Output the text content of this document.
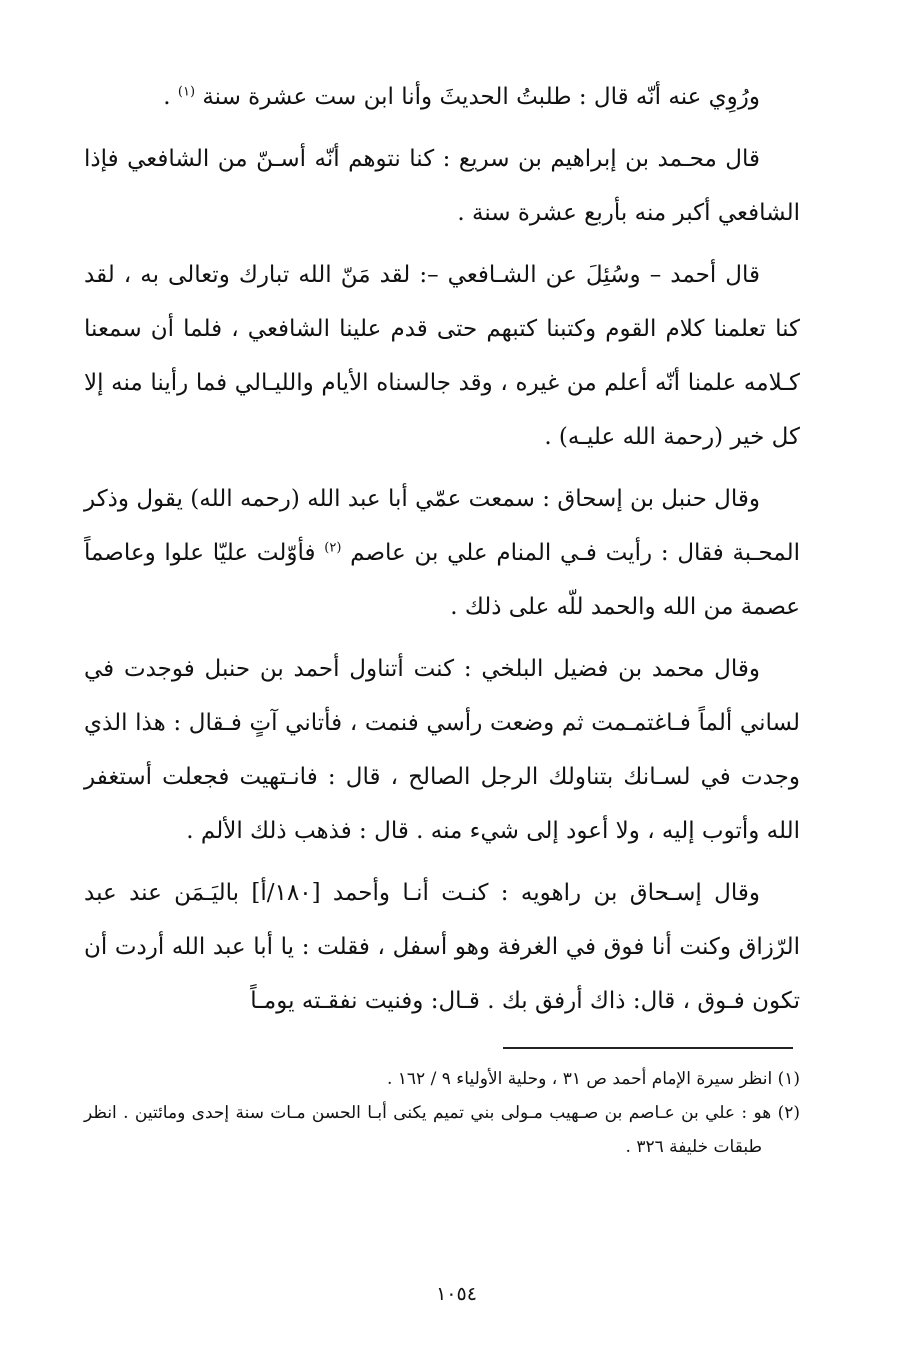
ورُوِي عنه أنّه قال : طلبتُ الحديثَ وأنا ابن ست عشرة سنة $^{(١)}$ .

قال محـمد بن إبراهيم بن سريع : كنا نتوهم أنّه أسـنّ من الشافعي فإذا الشافعي أكبر منه بأربع عشرة سنة .

قال أحمد – وسُئِلَ عن الشـافعي –: لقد مَنّ الله تبارك وتعالى به ، لقد كنا تعلمنا كلام القوم وكتبنا كتبهم حتى قدم علينا الشافعي ، فلما أن سمعنا كـلامه علمنا أنّه أعلم من غيره ، وقد جالسناه الأيام والليـالي فما رأينا منه إلا كل خير (رحمة الله عليـه) .

وقال حنبل بن إسحاق : سمعت عمّي أبا عبد الله (رحمه الله) يقول وذكر المحـبة فقال : رأيت فـي المنام علي بن عاصم $^{(٢)}$ فأوّلت عليّا علوا وعاصماً عصمة من الله والحمد للّه على ذلك .

وقال محمد بن فضيل البلخي : كنت أتناول أحمد بن حنبل فوجدت في لساني ألماً فـاغتمـمت ثم وضعت رأسي فنمت ، فأتاني آتٍ فـقال : هذا الذي وجدت في لسـانك بتناولك الرجل الصالح ، قال : فانـتهيت فجعلت أستغفر الله وأتوب إليه ، ولا أعود إلى شيء منه . قال : فذهب ذلك الألم .

وقال إسـحاق بن راهويه : كنـت أنـا وأحمد [١٨٠/أ] باليَـمَن عند عبد الرّزاق وكنت أنا فوق في الغرفة وهو أسفل ، فقلت : يا أبا عبد الله أردت أن تكون فـوق ، قال: ذاك أرفق بك . قـال: وفنيت نفقـته يومـاً

(١) انظر سيرة الإمام أحمد ص ٣١ ، وحلية الأولياء ٩ / ١٦٢ .

(٢) هو : علي بن عـاصم بن صـهيب مـولى بني تميم يكنى أبـا الحسن مـات سنة إحدى ومائتين . انظر طبقات خليفة ٣٢٦ .

١٠٥٤
